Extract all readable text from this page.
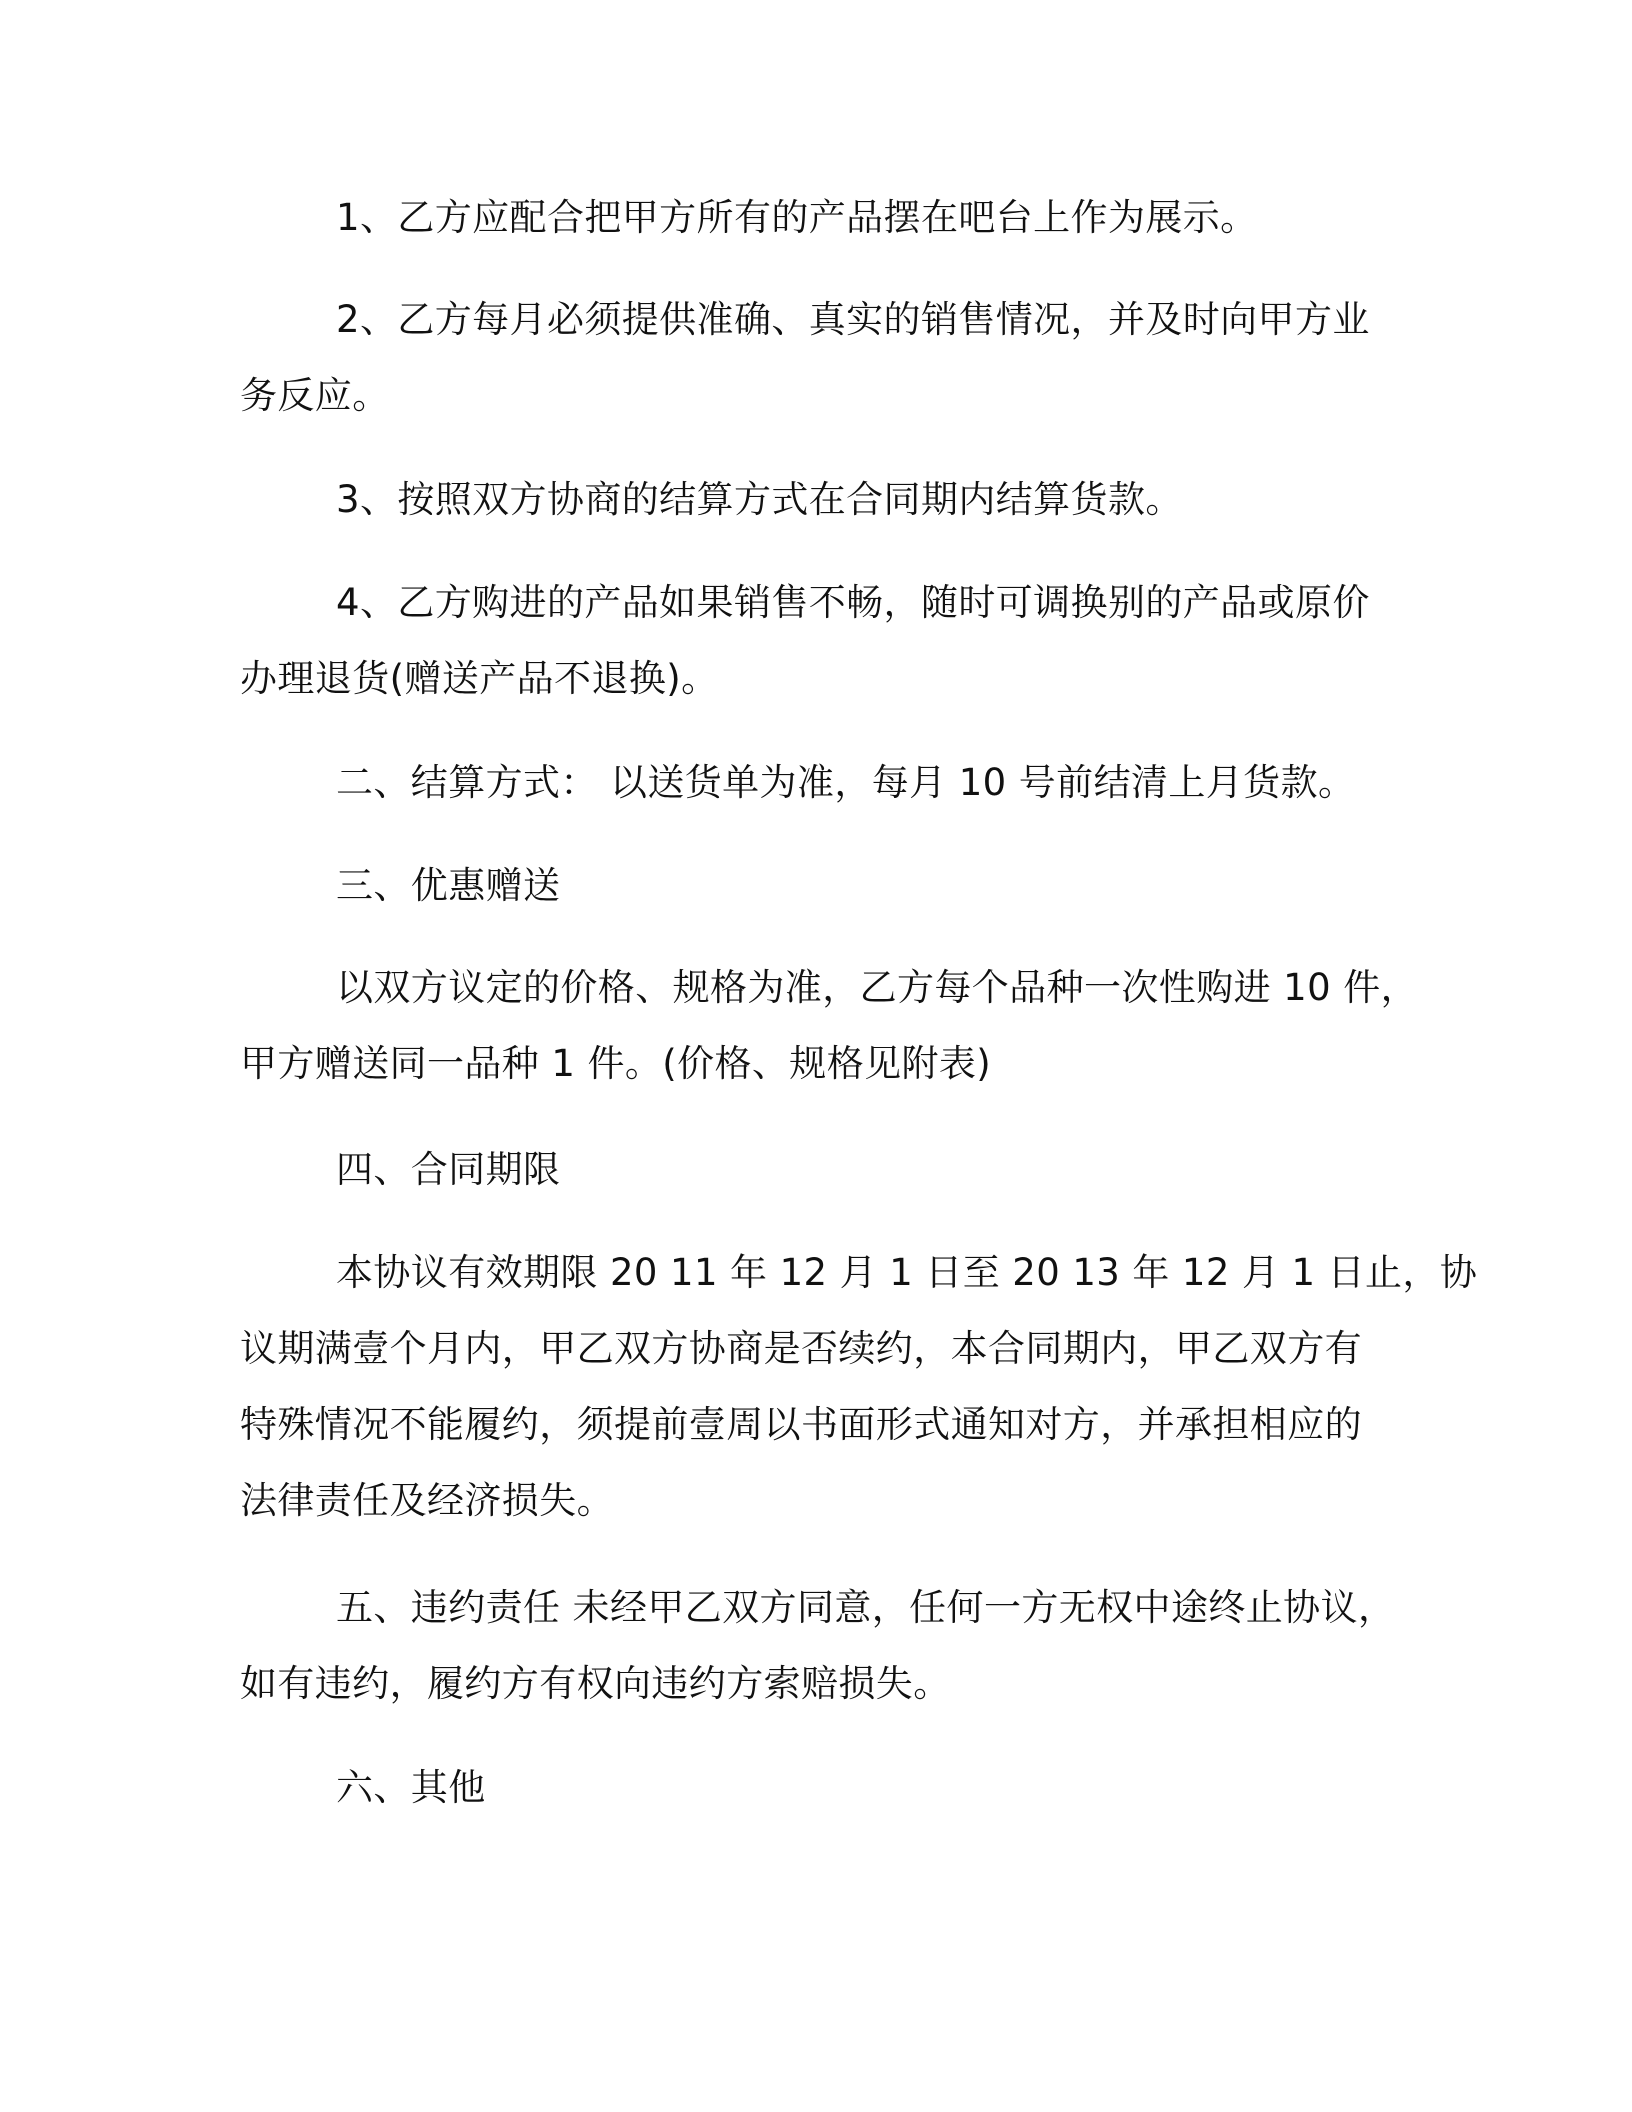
1、乙方应配合把甲方所有的产品摆在吧台上作为展示。

2、乙方每月必须提供准确、真实的销售情况，并及时向甲方业
务反应。

3、按照双方协商的结算方式在合同期内结算货款。

4、乙方购进的产品如果销售不畅，随时可调换别的产品或原价
办理退货(赠送产品不退换)。

二、结算方式： 以送货单为准，每月 10 号前结清上月货款。

三、优惠赠送

以双方议定的价格、规格为准，乙方每个品种一次性购进 10 件，
甲方赠送同一品种 1 件。(价格、规格见附表)

四、合同期限

本协议有效期限 20 11 年 12 月 1 日至 20 13 年 12 月 1 日止，协
议期满壹个月内，甲乙双方协商是否续约，本合同期内，甲乙双方有
特殊情况不能履约，须提前壹周以书面形式通知对方，并承担相应的
法律责任及经济损失。

五、违约责任 未经甲乙双方同意，任何一方无权中途终止协议，
如有违约，履约方有权向违约方索赔损失。

六、其他
